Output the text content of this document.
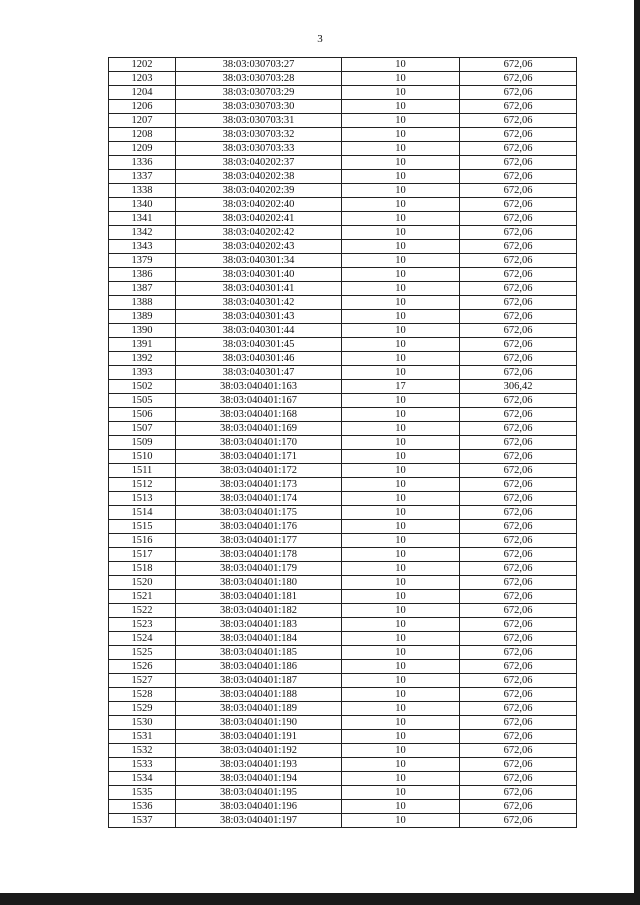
3
1202	38:03:030703:27	10	672,06
1203	38:03:030703:28	10	672,06
1204	38:03:030703:29	10	672,06
1206	38:03:030703:30	10	672,06
1207	38:03:030703:31	10	672,06
1208	38:03:030703:32	10	672,06
1209	38:03:030703:33	10	672,06
1336	38:03:040202:37	10	672,06
1337	38:03:040202:38	10	672,06
1338	38:03:040202:39	10	672,06
1340	38:03:040202:40	10	672,06
1341	38:03:040202:41	10	672,06
1342	38:03:040202:42	10	672,06
1343	38:03:040202:43	10	672,06
1379	38:03:040301:34	10	672,06
1386	38:03:040301:40	10	672,06
1387	38:03:040301:41	10	672,06
1388	38:03:040301:42	10	672,06
1389	38:03:040301:43	10	672,06
1390	38:03:040301:44	10	672,06
1391	38:03:040301:45	10	672,06
1392	38:03:040301:46	10	672,06
1393	38:03:040301:47	10	672,06
1502	38:03:040401:163	17	306,42
1505	38:03:040401:167	10	672,06
1506	38:03:040401:168	10	672,06
1507	38:03:040401:169	10	672,06
1509	38:03:040401:170	10	672,06
1510	38:03:040401:171	10	672,06
1511	38:03:040401:172	10	672,06
1512	38:03:040401:173	10	672,06
1513	38:03:040401:174	10	672,06
1514	38:03:040401:175	10	672,06
1515	38:03:040401:176	10	672,06
1516	38:03:040401:177	10	672,06
1517	38:03:040401:178	10	672,06
1518	38:03:040401:179	10	672,06
1520	38:03:040401:180	10	672,06
1521	38:03:040401:181	10	672,06
1522	38:03:040401:182	10	672,06
1523	38:03:040401:183	10	672,06
1524	38:03:040401:184	10	672,06
1525	38:03:040401:185	10	672,06
1526	38:03:040401:186	10	672,06
1527	38:03:040401:187	10	672,06
1528	38:03:040401:188	10	672,06
1529	38:03:040401:189	10	672,06
1530	38:03:040401:190	10	672,06
1531	38:03:040401:191	10	672,06
1532	38:03:040401:192	10	672,06
1533	38:03:040401:193	10	672,06
1534	38:03:040401:194	10	672,06
1535	38:03:040401:195	10	672,06
1536	38:03:040401:196	10	672,06
1537	38:03:040401:197	10	672,06
